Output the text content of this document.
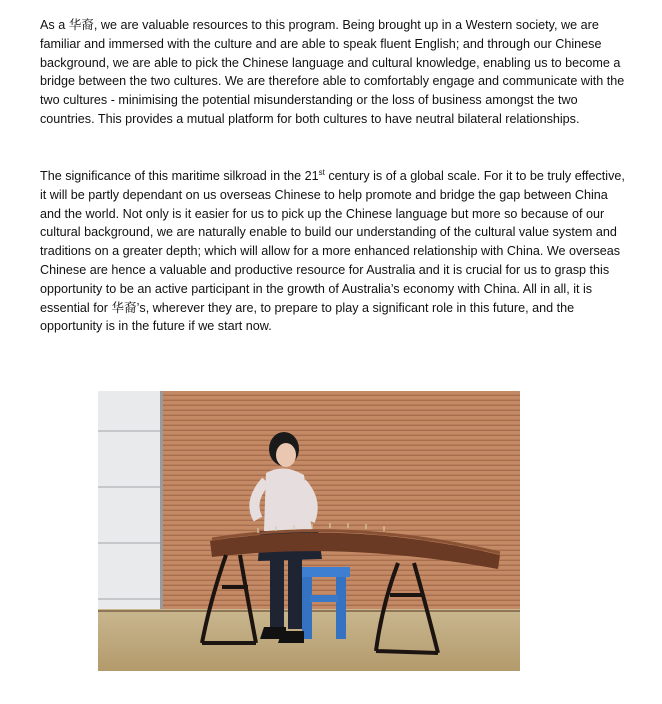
As a 华裔, we are valuable resources to this program. Being brought up in a Western society, we are familiar and immersed with the culture and are able to speak fluent English; and through our Chinese background, we are able to pick the Chinese language and cultural knowledge, enabling us to become a bridge between the two cultures. We are therefore able to comfortably engage and communicate with the two cultures - minimising the potential misunderstanding or the loss of business amongst the two countries. This provides a mutual platform for both cultures to have neutral bilateral relationships.

The significance of this maritime silkroad in the 21st century is of a global scale. For it to be truly effective, it will be partly dependant on us overseas Chinese to help promote and bridge the gap between China and the world. Not only is it easier for us to pick up the Chinese language but more so because of our cultural background, we are naturally enable to build our understanding of the cultural value system and traditions on a greater depth; which will allow for a more enhanced relationship with China. We overseas Chinese are hence a valuable and productive resource for Australia and it is crucial for us to grasp this opportunity to be an active participant in the growth of Australia’s economy with China. All in all, it is essential for 华裔’s, wherever they are, to prepare to play a significant role in this future, and the opportunity is in the future if we start now.
